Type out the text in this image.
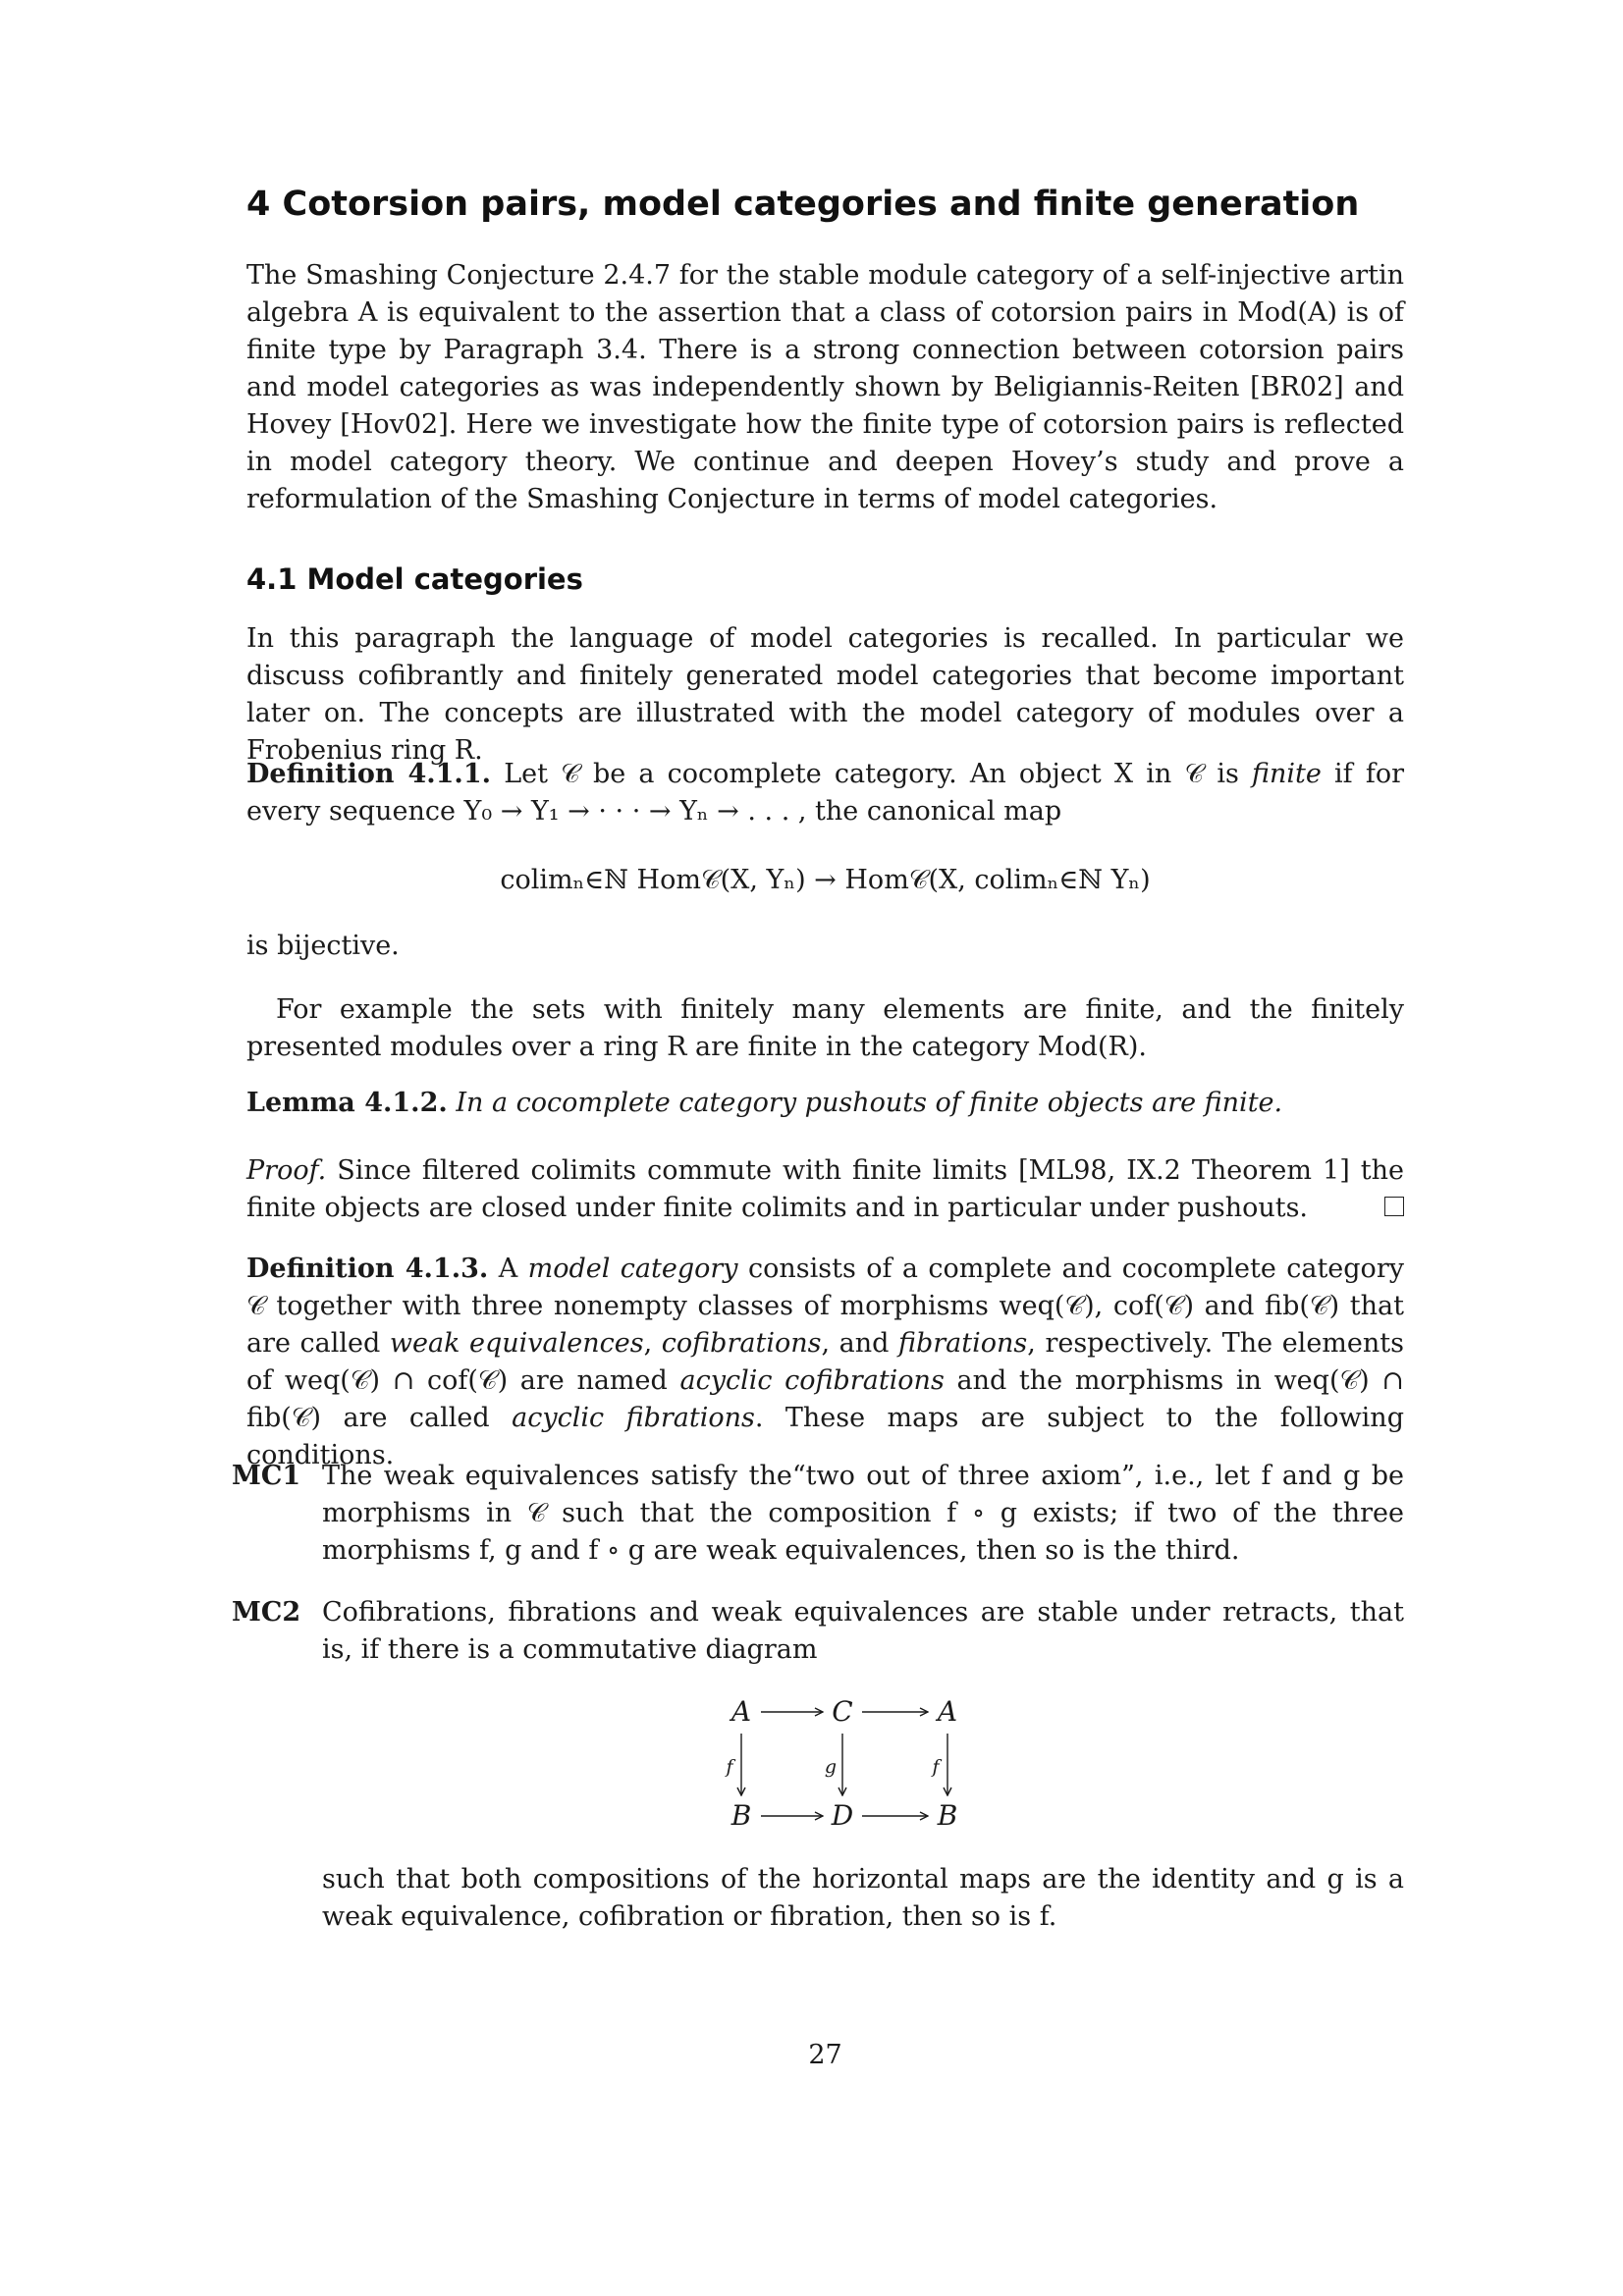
4 Cotorsion pairs, model categories and finite generation
The Smashing Conjecture 2.4.7 for the stable module category of a self-injective artin algebra A is equivalent to the assertion that a class of cotorsion pairs in Mod(A) is of finite type by Paragraph 3.4. There is a strong connection between cotorsion pairs and model categories as was independently shown by Beligiannis-Reiten [BR02] and Hovey [Hov02]. Here we investigate how the finite type of cotorsion pairs is reflected in model category theory. We continue and deepen Hovey’s study and prove a reformulation of the Smashing Conjecture in terms of model categories.
4.1 Model categories
In this paragraph the language of model categories is recalled. In particular we discuss cofibrantly and finitely generated model categories that become important later on. The concepts are illustrated with the model category of modules over a Frobenius ring R.
Definition 4.1.1. Let 𝒞 be a cocomplete category. An object X in 𝒞 is finite if for every sequence Y₀ → Y₁ → · · · → Yₙ → . . . , the canonical map
colimₙ∈ℕ Hom𝒞(X, Yₙ) → Hom𝒞(X, colimₙ∈ℕ Yₙ)
is bijective.
For example the sets with finitely many elements are finite, and the finitely presented modules over a ring R are finite in the category Mod(R).
Lemma 4.1.2. In a cocomplete category pushouts of finite objects are finite.
Proof. Since filtered colimits commute with finite limits [ML98, IX.2 Theorem 1] the finite objects are closed under finite colimits and in particular under pushouts.
Definition 4.1.3. A model category consists of a complete and cocomplete category 𝒞 together with three nonempty classes of morphisms weq(𝒞), cof(𝒞) and fib(𝒞) that are called weak equivalences, cofibrations, and fibrations, respectively. The elements of weq(𝒞) ∩ cof(𝒞) are named acyclic cofibrations and the morphisms in weq(𝒞) ∩ fib(𝒞) are called acyclic fibrations. These maps are subject to the following conditions.
MC1 The weak equivalences satisfy the“two out of three axiom”, i.e., let f and g be morphisms in 𝒞 such that the composition f ∘ g exists; if two of the three morphisms f, g and f ∘ g are weak equivalences, then so is the third.
MC2 Cofibrations, fibrations and weak equivalences are stable under retracts, that is, if there is a commutative diagram
such that both compositions of the horizontal maps are the identity and g is a weak equivalence, cofibration or fibration, then so is f.
A	C	A
B	D	B
f	g	f
27
